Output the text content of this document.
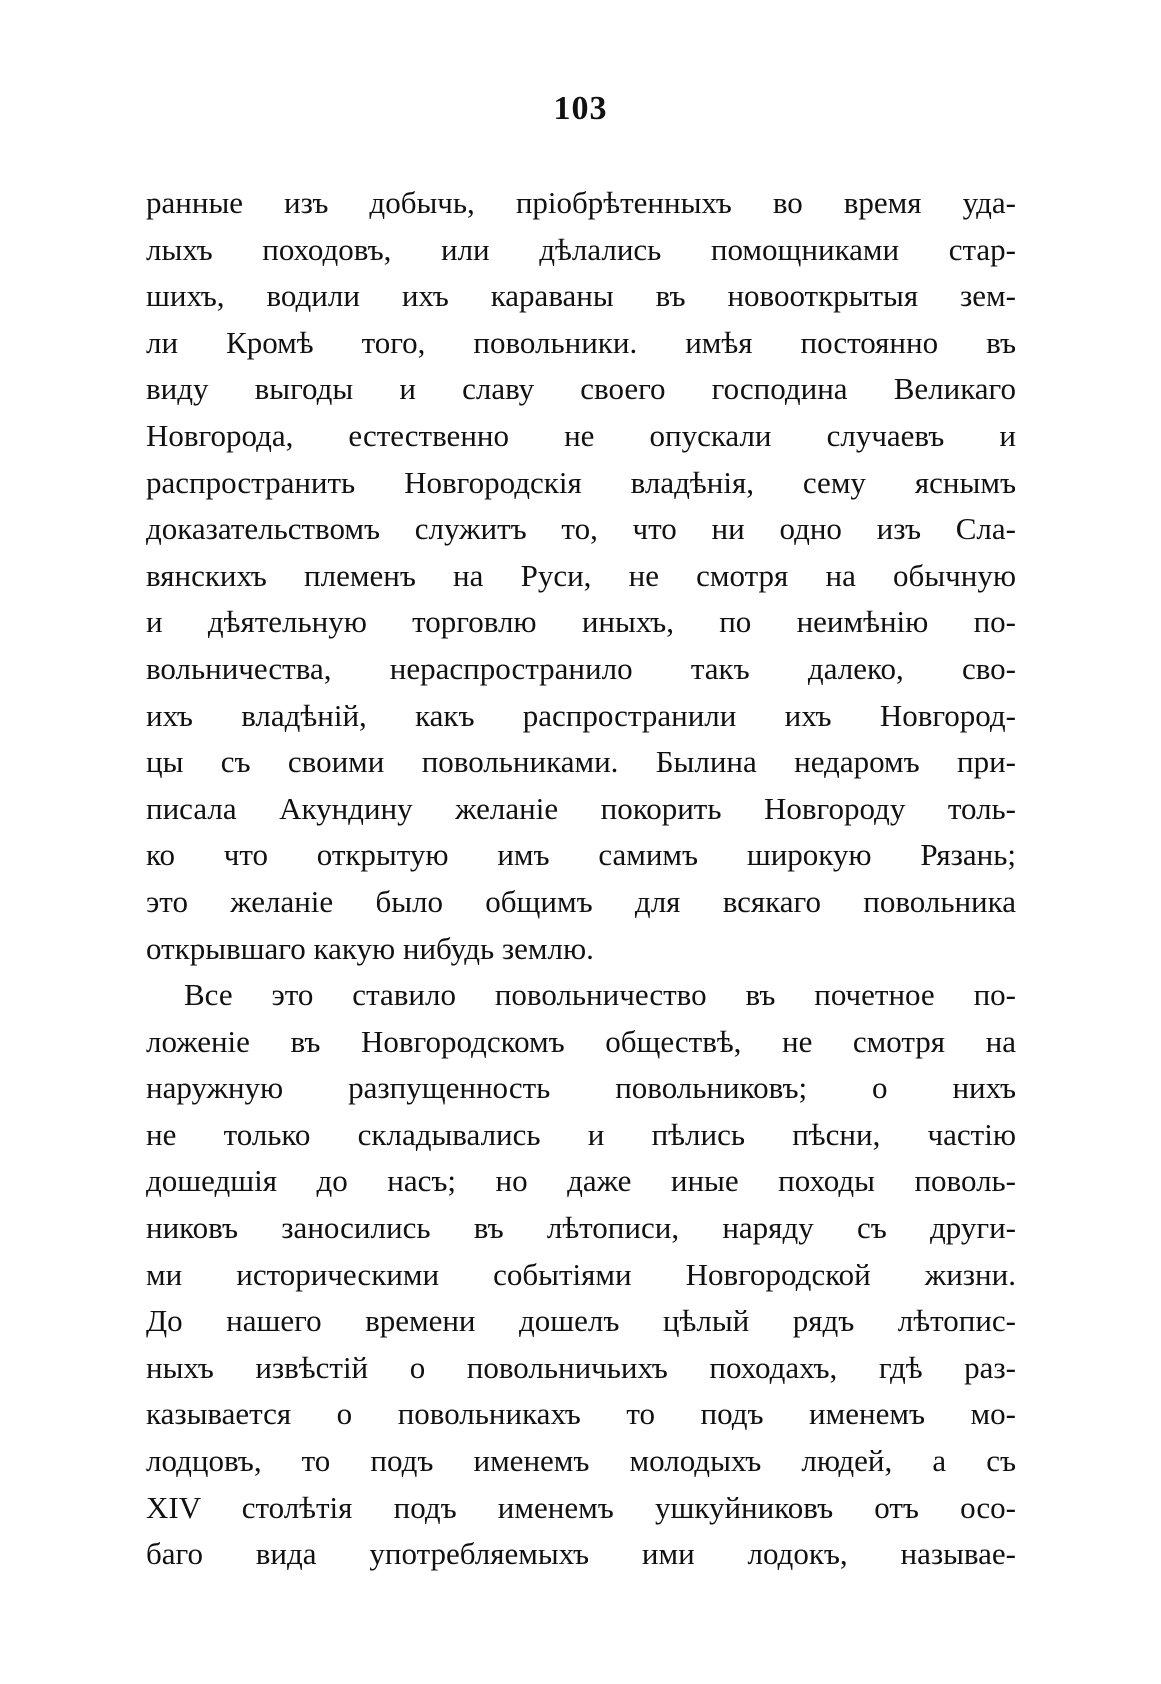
103
ранные изъ добычь, пріобрѣтенныхъ во время уда-
лыхъ походовъ, или дѣлались помощниками стар-
шихъ, водили ихъ караваны въ новооткрытыя зем-
ли Кромѣ того, повольники. имѣя постоянно въ
виду выгоды и славу своего господина Великаго
Новгорода, естественно не опускали случаевъ и
распространить Новгородскія владѣнія, сему яснымъ
доказательствомъ служитъ то, что ни одно изъ Сла-
вянскихъ племенъ на Руси, не смотря на обычную
и дѣятельную торговлю иныхъ, по неимѣнію по-
вольничества, нераспространило такъ далеко, сво-
ихъ владѣній, какъ распространили ихъ Новгород-
цы съ своими повольниками. Былина недаромъ при-
писала Акундину желаніе покорить Новгороду толь-
ко что открытую имъ самимъ широкую Рязань;
это желаніе было общимъ для всякаго повольника
открывшаго какую нибудь землю.
Все это ставило повольничество въ почетное по-
ложеніе въ Новгородскомъ обществѣ, не смотря на
наружную разпущенность повольниковъ; о нихъ
не только складывались и пѣлись пѣсни, частію
дошедшія до насъ; но даже иные походы поволь-
никовъ заносились въ лѣтописи, наряду съ други-
ми историческими событіями Новгородской жизни.
До нашего времени дошелъ цѣлый рядъ лѣтопис-
ныхъ извѣстій о повольничьихъ походахъ, гдѣ раз-
казывается о повольникахъ то подъ именемъ мо-
лодцовъ, то подъ именемъ молодыхъ людей, а съ
XIV столѣтія подъ именемъ ушкуйниковъ отъ осо-
баго вида употребляемыхъ ими лодокъ, называе-
